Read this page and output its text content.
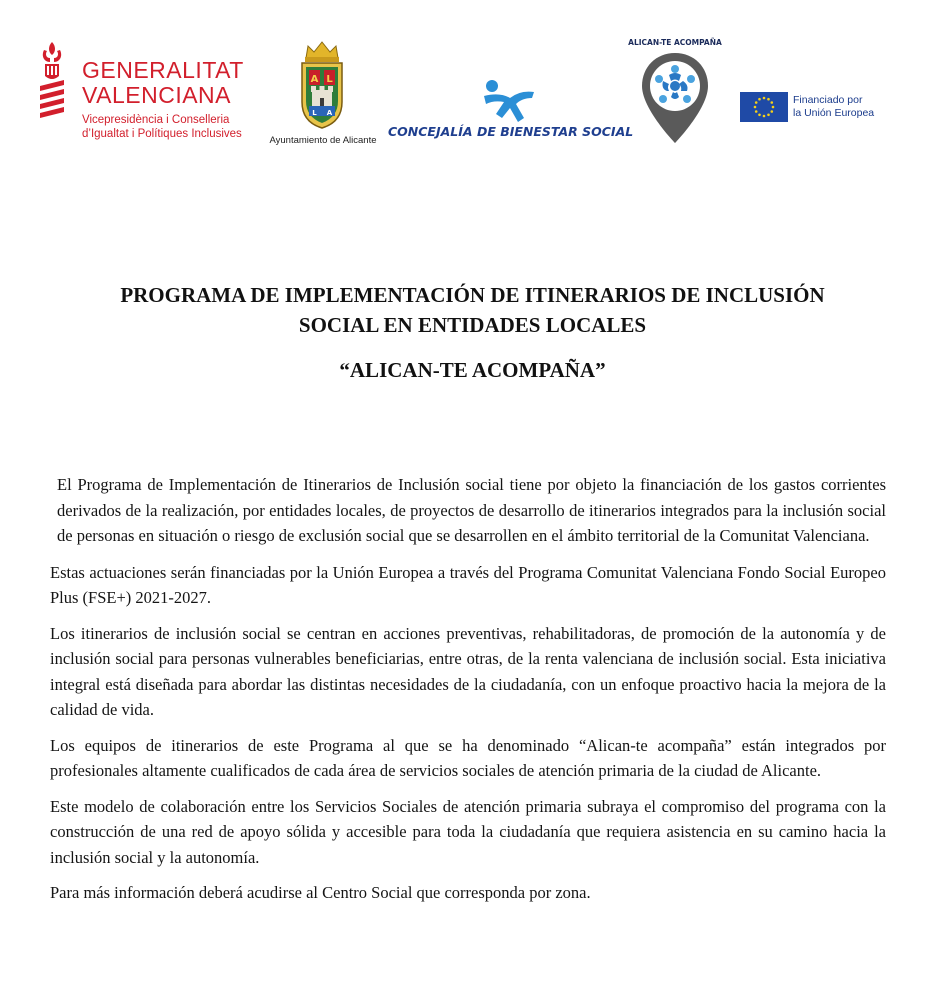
GENERALITAT
VALENCIANA
Vicepresidència i Conselleria
d’Igualtat i Polítiques Inclusives
A L
L A
Ayuntamiento de Alicante
CONCEJALÍA DE BIENESTAR SOCIAL
ALICAN-TE ACOMPAÑA
Financiado por
la Unión Europea
PROGRAMA DE IMPLEMENTACIÓN DE ITINERARIOS DE INCLUSIÓN
SOCIAL EN ENTIDADES LOCALES
“ALICAN-TE ACOMPAÑA”

El Programa de Implementación de Itinerarios de Inclusión social tiene por objeto la financiación de los gastos corrientes derivados de la realización, por entidades locales, de proyectos de desarrollo de itinerarios integrados para la inclusión social de personas en situación o riesgo de exclusión social que se desarrollen en el ámbito territorial de la Comunitat Valenciana.

Estas actuaciones serán financiadas por la Unión Europea a través del Programa Comunitat Valenciana Fondo Social Europeo Plus (FSE+) 2021-2027.

Los itinerarios de inclusión social se centran en acciones preventivas, rehabilitadoras, de promoción de la autonomía y de inclusión social para personas vulnerables beneficiarias, entre otras, de la renta valenciana de inclusión social. Esta iniciativa integral está diseñada para abordar las distintas necesidades de la ciudadanía, con un enfoque proactivo hacia la mejora de la calidad de vida.

Los equipos de itinerarios de este Programa al que se ha denominado “Alican-te acompaña” están integrados por profesionales altamente cualificados de cada área de servicios sociales de atención primaria de la ciudad de Alicante.

Este modelo de colaboración entre los Servicios Sociales de atención primaria subraya el compromiso del programa con la construcción de una red de apoyo sólida y accesible para toda la ciudadanía que requiera asistencia en su camino hacia la inclusión social y la autonomía.

Para más información deberá acudirse al Centro Social que corresponda por zona.
